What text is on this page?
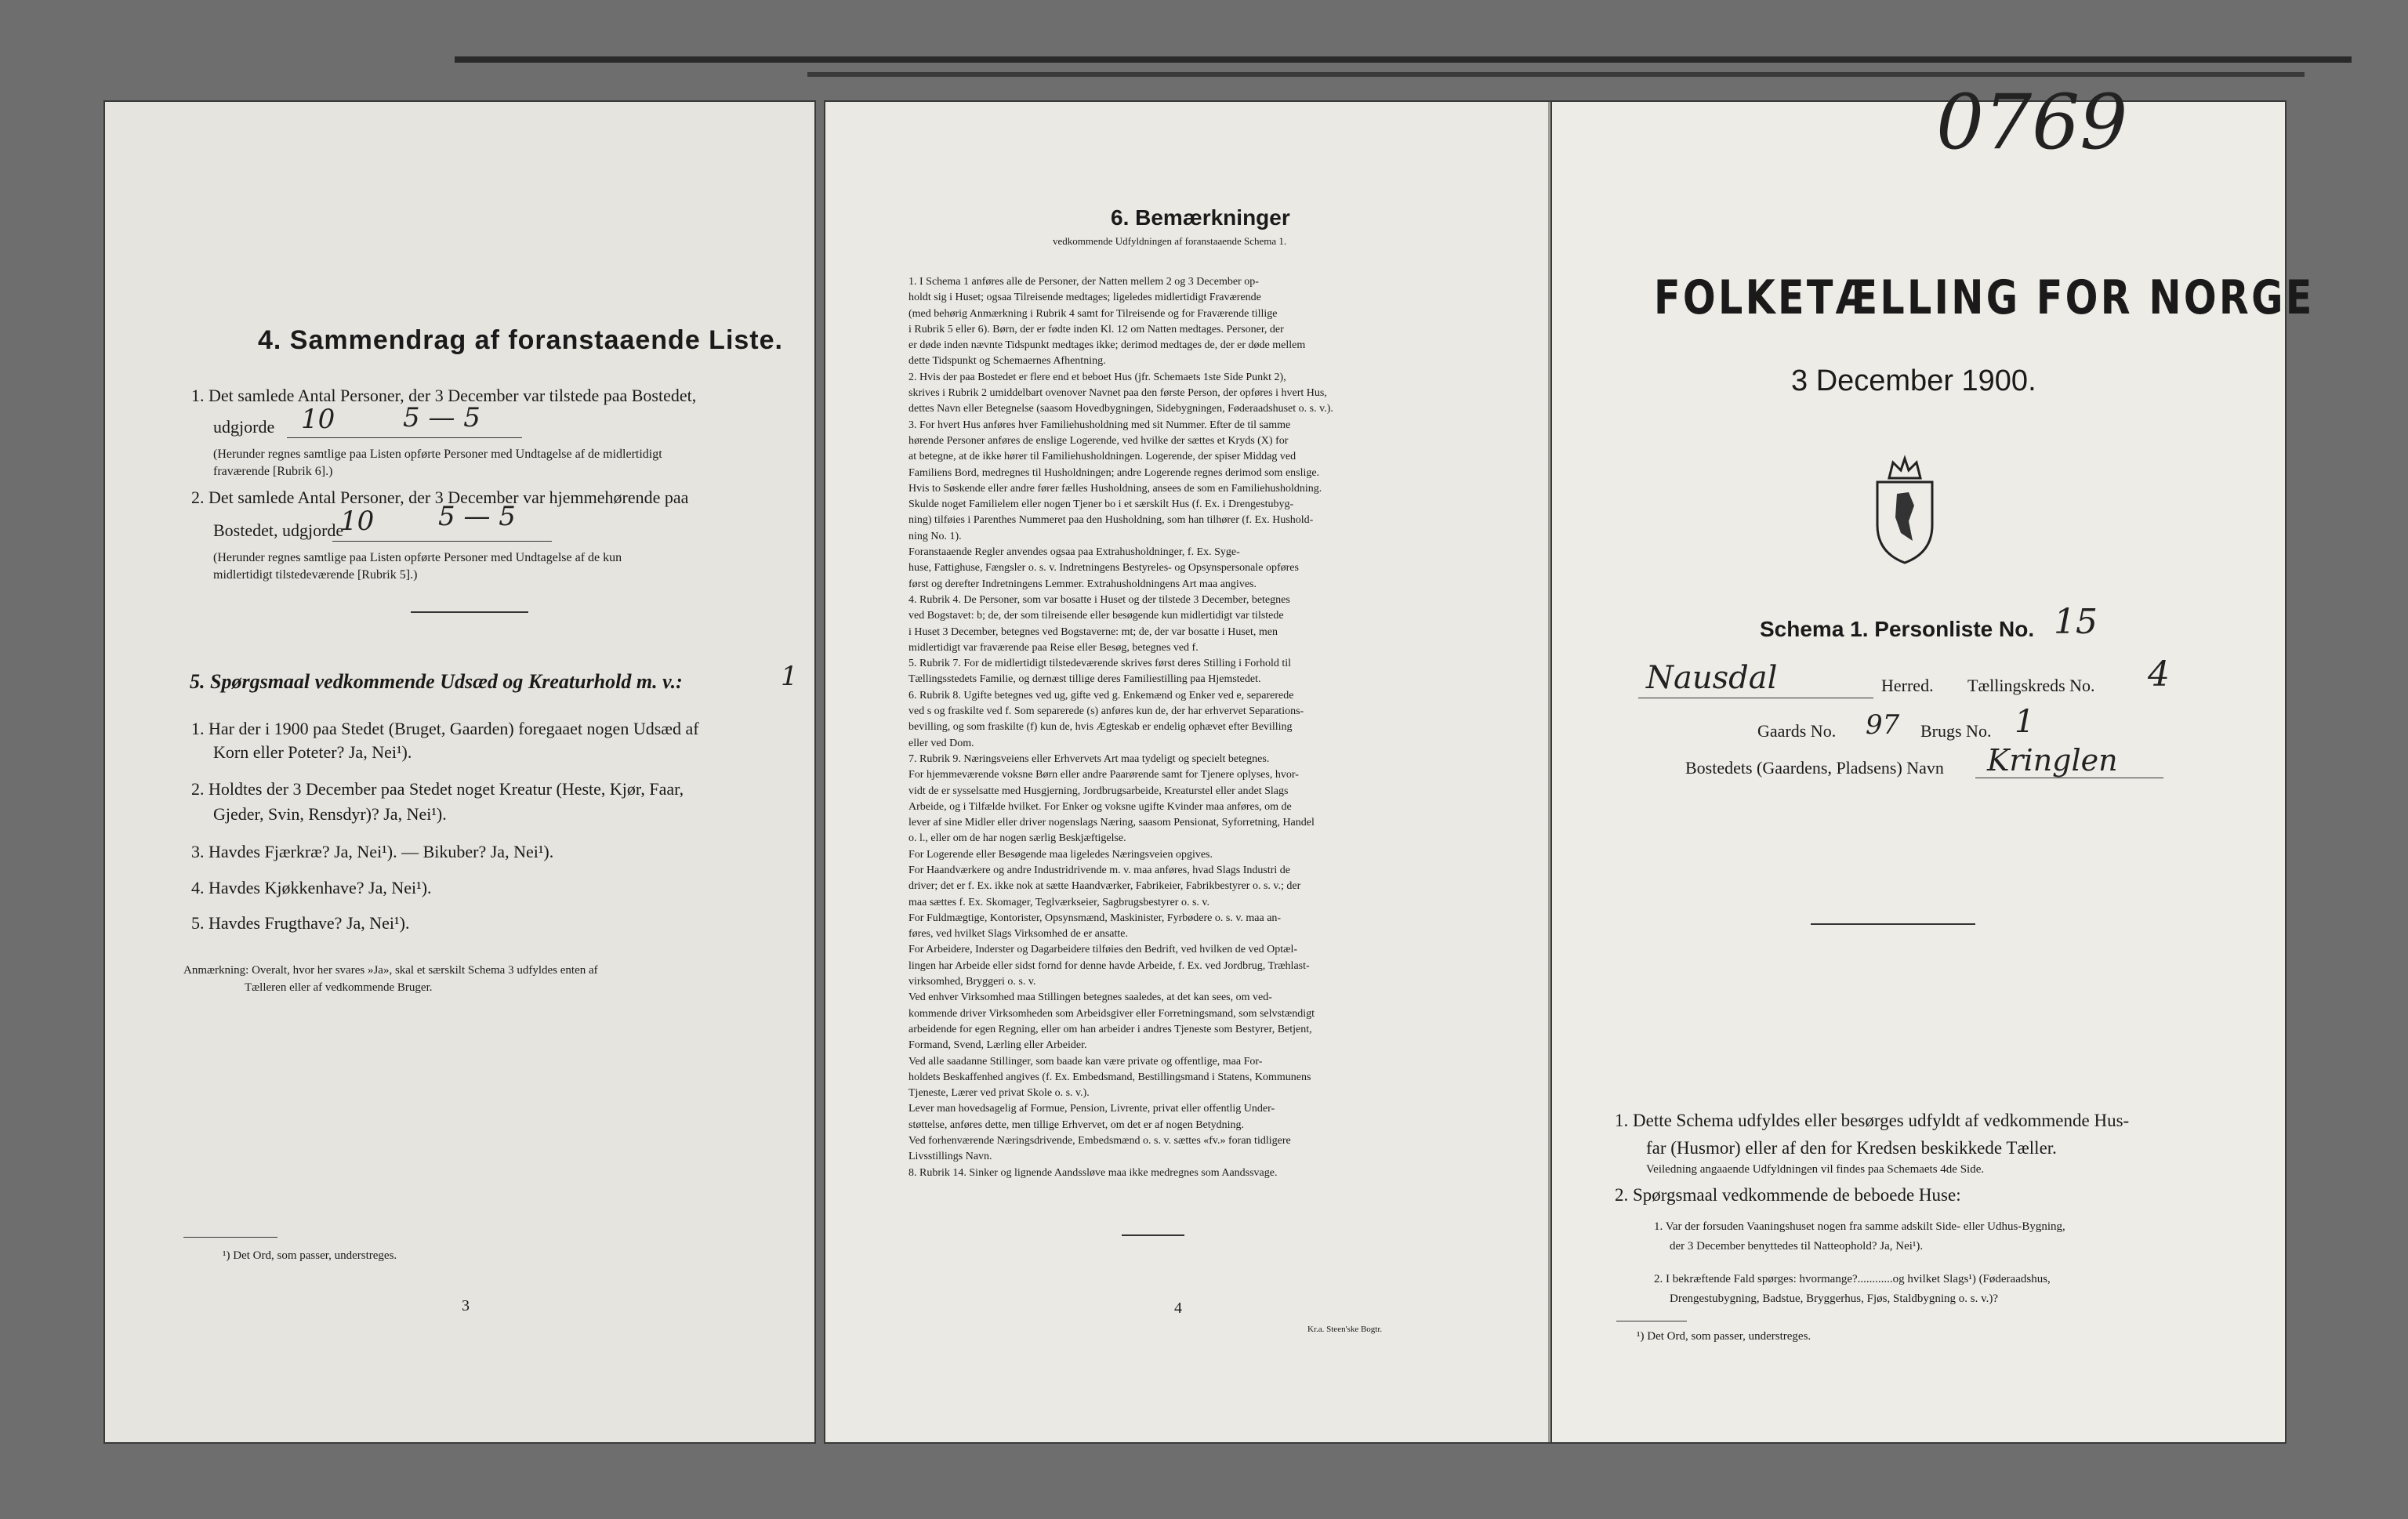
4. Sammendrag af foranstaaende Liste.
1. Det samlede Antal Personer, der 3 December var tilstede paa Bostedet,
udgjorde 10	5 — 5
(Herunder regnes samtlige paa Listen opførte Personer med Undtagelse af de midlertidigt
fraværende [Rubrik 6].)
2. Det samlede Antal Personer, der 3 December var hjemmehørende paa
Bostedet, udgjorde
10 5 — 5
(Herunder regnes samtlige paa Listen opførte Personer med Undtagelse af de kun
midlertidigt tilstedeværende [Rubrik 5].)
5. Spørgsmaal vedkommende Udsæd og Kreaturhold m. v.:	1
1. Har der i 1900 paa Stedet (Bruget, Gaarden) foregaaet nogen Udsæd af
Korn eller Poteter? Ja, Nei¹).
2. Holdtes der 3 December paa Stedet noget Kreatur (Heste, Kjør, Faar,
Gjeder, Svin, Rensdyr)? Ja, Nei¹).
3. Havdes Fjærkræ? Ja, Nei¹). — Bikuber? Ja, Nei¹).
4. Havdes Kjøkkenhave? Ja, Nei¹).
5. Havdes Frugthave? Ja, Nei¹).
Anmærkning: Overalt, hvor her svares »Ja», skal et særskilt Schema 3 udfyldes enten af
Tælleren eller af vedkommende Bruger.
¹) Det Ord, som passer, understreges.
3
6. Bemærkninger
vedkommende Udfyldningen af foranstaaende Schema 1.
1. I Schema 1 anføres alle de Personer, der Natten mellem 2 og 3 December op-
holdt sig i Huset; ogsaa Tilreisende medtages; ligeledes midlertidigt Fraværende
(med behørig Anmærkning i Rubrik 4 samt for Tilreisende og for Fraværende tillige
i Rubrik 5 eller 6). Børn, der er fødte inden Kl. 12 om Natten medtages. Personer, der
er døde inden nævnte Tidspunkt medtages ikke; derimod medtages de, der er døde mellem
dette Tidspunkt og Schemaernes Afhentning.
2. Hvis der paa Bostedet er flere end et beboet Hus (jfr. Schemaets 1ste Side Punkt 2),
skrives i Rubrik 2 umiddelbart ovenover Navnet paa den første Person, der opføres i hvert Hus,
dettes Navn eller Betegnelse (saasom Hovedbygningen, Sidebygningen, Føderaadshuset o. s. v.).
3. For hvert Hus anføres hver Familiehusholdning med sit Nummer. Efter de til samme
hørende Personer anføres de enslige Logerende, ved hvilke der sættes et Kryds (X) for
at betegne, at de ikke hører til Familiehusholdningen. Logerende, der spiser Middag ved
Familiens Bord, medregnes til Husholdningen; andre Logerende regnes derimod som enslige.
Hvis to Søskende eller andre fører fælles Husholdning, ansees de som en Familiehusholdning.
Skulde noget Familielem eller nogen Tjener bo i et særskilt Hus (f. Ex. i Drengestubyg-
ning) tilføies i Parenthes Nummeret paa den Husholdning, som han tilhører (f. Ex. Hushold-
ning No. 1).
Foranstaaende Regler anvendes ogsaa paa Extrahusholdninger, f. Ex. Syge-
huse, Fattighuse, Fængsler o. s. v. Indretningens Bestyreles- og Opsynspersonale opføres
først og derefter Indretningens Lemmer. Extrahusholdningens Art maa angives.
4. Rubrik 4. De Personer, som var bosatte i Huset og der tilstede 3 December, betegnes
ved Bogstavet: b; de, der som tilreisende eller besøgende kun midlertidigt var tilstede
i Huset 3 December, betegnes ved Bogstaverne: mt; de, der var bosatte i Huset, men
midlertidigt var fraværende paa Reise eller Besøg, betegnes ved f.
5. Rubrik 7. For de midlertidigt tilstedeværende skrives først deres Stilling i Forhold til
Tællingsstedets Familie, og dernæst tillige deres Familiestilling paa Hjemstedet.
6. Rubrik 8. Ugifte betegnes ved ug, gifte ved g. Enkemænd og Enker ved e, separerede
ved s og fraskilte ved f. Som separerede (s) anføres kun de, der har erhvervet Separations-
bevilling, og som fraskilte (f) kun de, hvis Ægteskab er endelig ophævet efter Bevilling
eller ved Dom.
7. Rubrik 9. Næringsveiens eller Erhvervets Art maa tydeligt og specielt betegnes.
For hjemmeværende voksne Børn eller andre Paarørende samt for Tjenere oplyses, hvor-
vidt de er sysselsatte med Husgjerning, Jordbrugsarbeide, Kreaturstel eller andet Slags
Arbeide, og i Tilfælde hvilket. For Enker og voksne ugifte Kvinder maa anføres, om de
lever af sine Midler eller driver nogenslags Næring, saasom Pensionat, Syforretning, Handel
o. l., eller om de har nogen særlig Beskjæftigelse.
For Logerende eller Besøgende maa ligeledes Næringsveien opgives.
For Haandværkere og andre Industridrivende m. v. maa anføres, hvad Slags Industri de
driver; det er f. Ex. ikke nok at sætte Haandværker, Fabrikeier, Fabrikbestyrer o. s. v.; der
maa sættes f. Ex. Skomager, Teglværkseier, Sagbrugsbestyrer o. s. v.
For Fuldmægtige, Kontorister, Opsynsmænd, Maskinister, Fyrbødere o. s. v. maa an-
føres, ved hvilket Slags Virksomhed de er ansatte.
For Arbeidere, Inderster og Dagarbeidere tilføies den Bedrift, ved hvilken de ved Optæl-
lingen har Arbeide eller sidst fornd for denne havde Arbeide, f. Ex. ved Jordbrug, Træhlast-
virksomhed, Bryggeri o. s. v.
Ved enhver Virksomhed maa Stillingen betegnes saaledes, at det kan sees, om ved-
kommende driver Virksomheden som Arbeidsgiver eller Forretningsmand, som selvstændigt
arbeidende for egen Regning, eller om han arbeider i andres Tjeneste som Bestyrer, Betjent,
Formand, Svend, Lærling eller Arbeider.
Ved alle saadanne Stillinger, som baade kan være private og offentlige, maa For-
holdets Beskaffenhed angives (f. Ex. Embedsmand, Bestillingsmand i Statens, Kommunens
Tjeneste, Lærer ved privat Skole o. s. v.).
Lever man hovedsagelig af Formue, Pension, Livrente, privat eller offentlig Under-
støttelse, anføres dette, men tillige Erhvervet, om det er af nogen Betydning.
Ved forhenværende Næringsdrivende, Embedsmænd o. s. v. sættes «fv.» foran tidligere
Livsstillings Navn.
8. Rubrik 14. Sinker og lignende Aandssløve maa ikke medregnes som Aandssvage.
4
Kr.a. Steen'ske Bogtr.
0769
FOLKETÆLLING FOR NORGE
3 December 1900.
Schema 1. Personliste No. 15
Nausdal	Herred. Tællingskreds No. 4
Gaards No. 97 Brugs No. 1
Bostedets (Gaardens, Pladsens) Navn Kringlen
1. Dette Schema udfyldes eller besørges udfyldt af vedkommende Hus-
far (Husmor) eller af den for Kredsen beskikkede Tæller.
Veiledning angaaende Udfyldningen vil findes paa Schemaets 4de Side.
2. Spørgsmaal vedkommende de beboede Huse:
1. Var der forsuden Vaaningshuset nogen fra samme adskilt Side- eller Udhus-Bygning,
der 3 December benyttedes til Natteophold? Ja, Nei¹).
2. I bekræftende Fald spørges: hvormange?............og hvilket Slags¹) (Føderaadshus,
Drengestubygning, Badstue, Bryggerhus, Fjøs, Staldbygning o. s. v.)?
¹) Det Ord, som passer, understreges.
